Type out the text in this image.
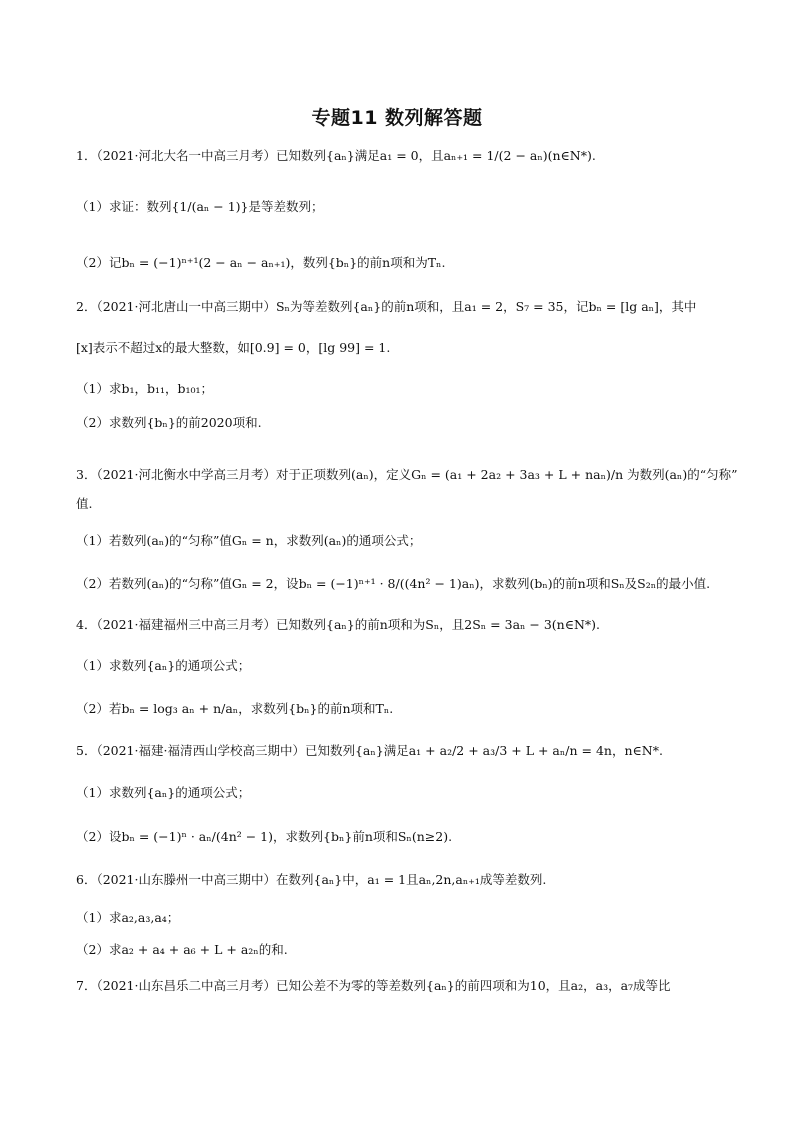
专题11 数列解答题
1．（2021·河北大名一中高三月考）已知数列{aₙ}满足a₁ = 0，且aₙ₊₁ = 1/(2 − aₙ)(n∈N*).
（1）求证：数列{1/(aₙ − 1)}是等差数列；
（2）记bₙ = (−1)ⁿ⁺¹(2 − aₙ − aₙ₊₁)，数列{bₙ}的前n项和为Tₙ.
2．（2021·河北唐山一中高三期中）Sₙ为等差数列{aₙ}的前n项和，且a₁ = 2，S₇ = 35，记bₙ = [lg aₙ]，其中
[x]表示不超过x的最大整数，如[0.9] = 0，[lg 99] = 1.
（1）求b₁，b₁₁，b₁₀₁；
（2）求数列{bₙ}的前2020项和.
3．（2021·河北衡水中学高三月考）对于正项数列(aₙ)，定义Gₙ = (a₁ + 2a₂ + 3a₃ + L + naₙ)/n 为数列(aₙ)的“匀称”
值.
（1）若数列(aₙ)的“匀称”值Gₙ = n，求数列(aₙ)的通项公式；
（2）若数列(aₙ)的“匀称”值Gₙ = 2，设bₙ = (−1)ⁿ⁺¹ · 8/((4n² − 1)aₙ)，求数列(bₙ)的前n项和Sₙ及S₂ₙ的最小值.
4．（2021·福建福州三中高三月考）已知数列{aₙ}的前n项和为Sₙ，且2Sₙ = 3aₙ − 3(n∈N*).
（1）求数列{aₙ}的通项公式；
（2）若bₙ = log₃ aₙ + n/aₙ，求数列{bₙ}的前n项和Tₙ.
5．（2021·福建·福清西山学校高三期中）已知数列{aₙ}满足a₁ + a₂/2 + a₃/3 + L + aₙ/n = 4n，n∈N*.
（1）求数列{aₙ}的通项公式；
（2）设bₙ = (−1)ⁿ · aₙ/(4n² − 1)，求数列{bₙ}前n项和Sₙ(n≥2).
6．（2021·山东滕州一中高三期中）在数列{aₙ}中，a₁ = 1且aₙ,2n,aₙ₊₁成等差数列.
（1）求a₂,a₃,a₄；
（2）求a₂ + a₄ + a₆ + L + a₂ₙ的和.
7．（2021·山东昌乐二中高三月考）已知公差不为零的等差数列{aₙ}的前四项和为10，且a₂，a₃，a₇成等比
